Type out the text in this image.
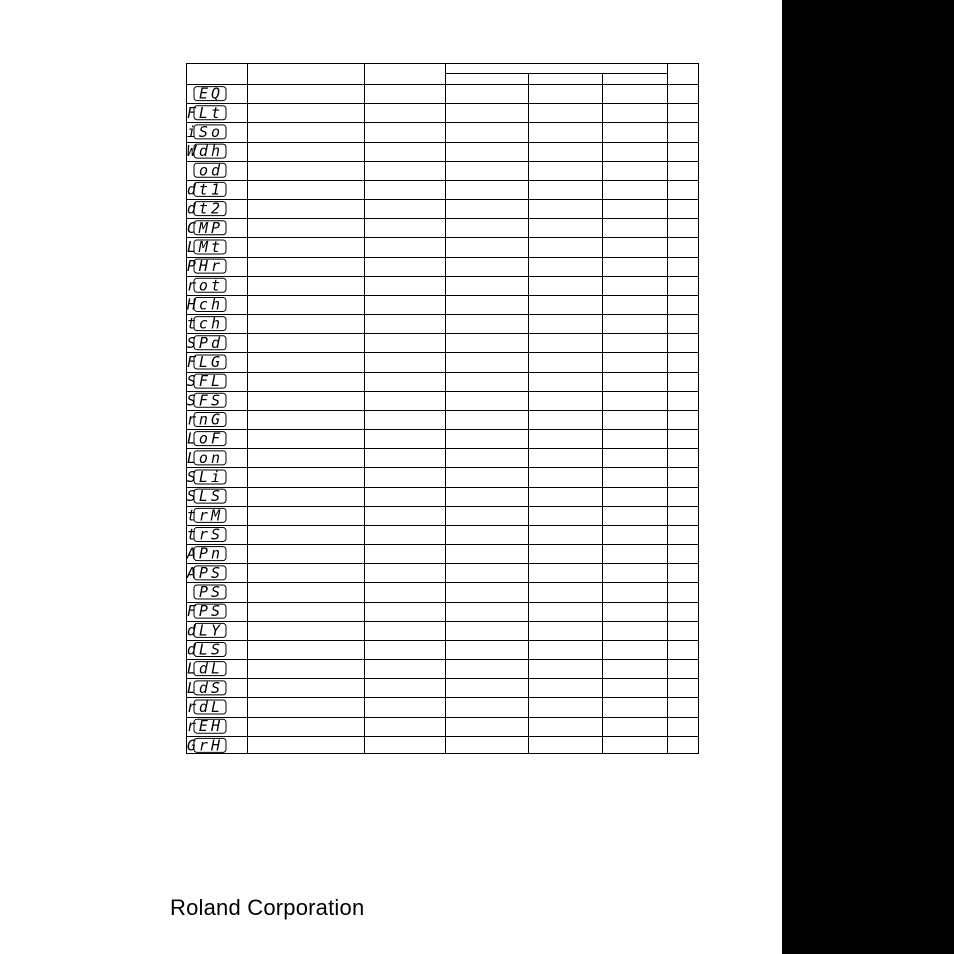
EQ
FLt
iSo
Wdh
od
dt1
dt2
CMP
LMt
PHr
rot
Hch
tch
SPd
FLG
SFL
SFS
rnG
LoF
Lon
SLi
SLS
trM
trS
APn
APS
PS
FPS
dLY
dLS
LdL
LdS
rdL
rEH
GrH
Roland Corporation
